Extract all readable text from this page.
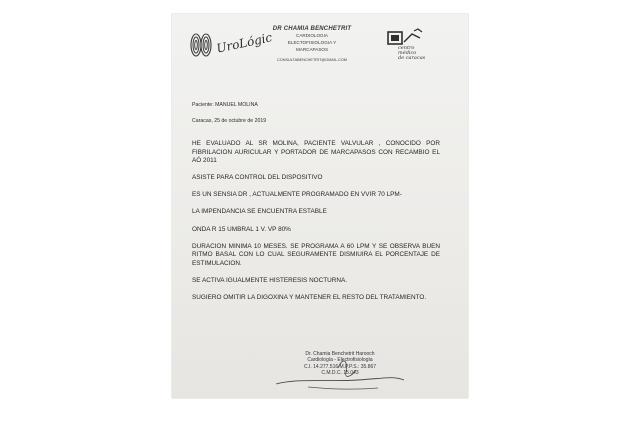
UroLógic
DR CHAMIA BENCHETRIT
CARDIOLOGIA
ELECTOFISIOLOGIA Y
MARCAPASOS
CONSULTABENCHETRIT@GMAIL.COM
centro
médico
de caracas
Paciente: MANUEL MOLINA
Caracas, 25 de octubre de 2019

HE EVALUADO AL SR MOLINA, PACIENTE VALVULAR , CONOCIDO POR FIBRILACION AURICULAR Y PORTADOR DE MARCAPASOS CON RECAMBIO EL AÓ 2011

ASISTE PARA CONTROL DEL DISPOSITIVO

ES UN SENSIA DR , ACTUALMENTE PROGRAMADO EN VVIR 70 LPM-

LA IMPENDANCIA SE ENCUENTRA ESTABLE

ONDA R 15 UMBRAL 1 V. VP 80%

DURACION MINIMA 10 MESES. SE PROGRAMA A 60 LPM Y SE OBSERVA BUEN RITMO BASAL CON LO CUAL SEGURAMENTE DISMIUIRA EL PORCENTAJE DE ESTIMULACION.

SE ACTIVA IGUALMENTE HISTERESIS NOCTURNA.

SUGIERO OMITIR LA DIGOXINA Y MANTENER EL RESTO DEL TRATAMIENTO.

Dr. Chamia Benchetrit Harooch
Cardiología - Electrofisiología
C.I. 14.277.516 M.P.P.S.: 35.867
C.M.D.C. 15.043
